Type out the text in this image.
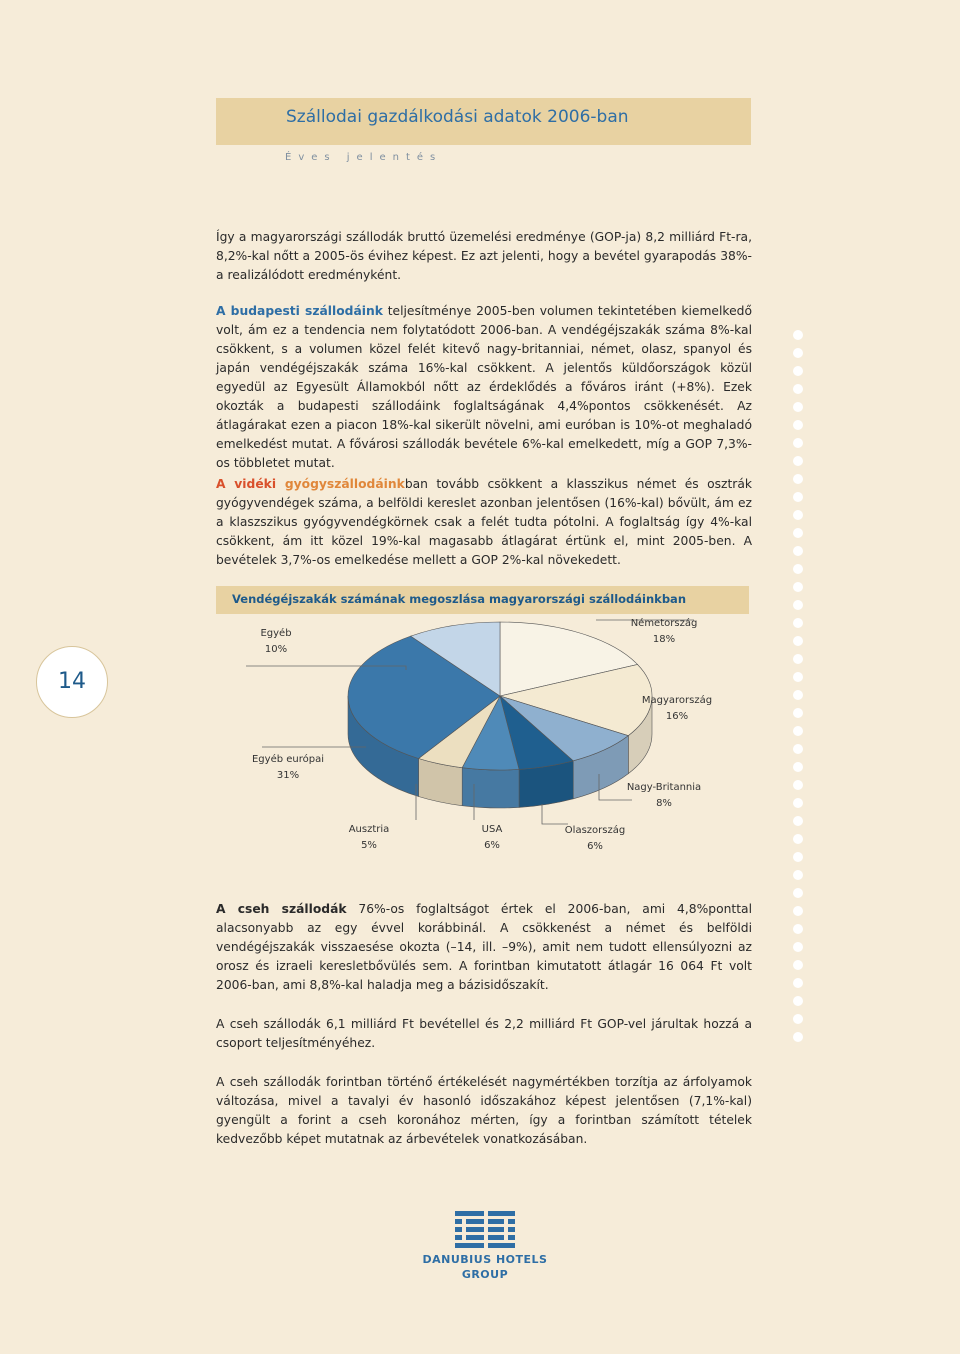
Szállodai gazdálkodási adatok 2006-ban
Éves jelentés
Így a magyarországi szállodák bruttó üzemelési eredménye (GOP-ja) 8,2 milliárd Ft-ra, 8,2%-kal nőtt a 2005-ös évihez képest. Ez azt jelenti, hogy a bevétel gyarapodás 38%-a realizálódott eredményként.
A budapesti szállodáink teljesítménye 2005-ben volumen tekintetében kiemelkedő volt, ám ez a tendencia nem folytatódott 2006-ban. A vendégéjszakák száma 8%-kal csökkent, s a volumen közel felét kitevő nagy-britanniai, német, olasz, spanyol és japán vendégéjszakák száma 16%-kal csökkent. A jelentős küldőországok közül egyedül az Egyesült Államokból nőtt az érdeklődés a főváros iránt (+8%). Ezek okozták a budapesti szállodáink foglaltságának 4,4%pontos csökkenését. Az átlagárakat ezen a piacon 18%-kal sikerült növelni, ami euróban is 10%-ot meghaladó emelkedést mutat. A fővárosi szállodák bevétele 6%-kal emelkedett, míg a GOP 7,3%-os többletet mutat.
A vidéki gyógyszállodáinkban tovább csökkent a klasszikus német és osztrák gyógyvendégek száma, a belföldi kereslet azonban jelentősen (16%-kal) bővült, ám ez a klaszszikus gyógyvendégkörnek csak a felét tudta pótolni. A foglaltság így 4%-kal csökkent, ám itt közel 19%-kal magasabb átlagárat értünk el, mint 2005-ben. A bevételek 3,7%-os emelkedése mellett a GOP 2%-kal növekedett.
14
Vendégéjszakák számának megoszlása magyarországi szállodáinkban
Németország
18%
Magyarország
16%
Nagy-Britannia
8%
Olaszország
6%
USA
6%
Ausztria
5%
Egyéb európai
31%
Egyéb
10%
A cseh szállodák 76%-os foglaltságot értek el 2006-ban, ami 4,8%ponttal alacsonyabb az egy évvel korábbinál. A csökkenést a német és belföldi vendégéjszakák visszaesése okozta (–14, ill. –9%), amit nem tudott ellensúlyozni az orosz és izraeli keresletbővülés sem. A forintban kimutatott átlagár 16 064 Ft volt 2006-ban, ami 8,8%-kal haladja meg a bázisidőszakít.
A cseh szállodák 6,1 milliárd Ft bevétellel és 2,2 milliárd Ft GOP-vel járultak hozzá a csoport teljesítményéhez.
A cseh szállodák forintban történő értékelését nagymértékben torzítja az árfolyamok változása, mivel a tavalyi év hasonló időszakához képest jelentősen (7,1%-kal) gyengült a forint a cseh koronához mérten, így a forintban számított tételek kedvezőbb képet mutatnak az árbevételek vonatkozásában.
DANUBIUS HOTELS
GROUP
